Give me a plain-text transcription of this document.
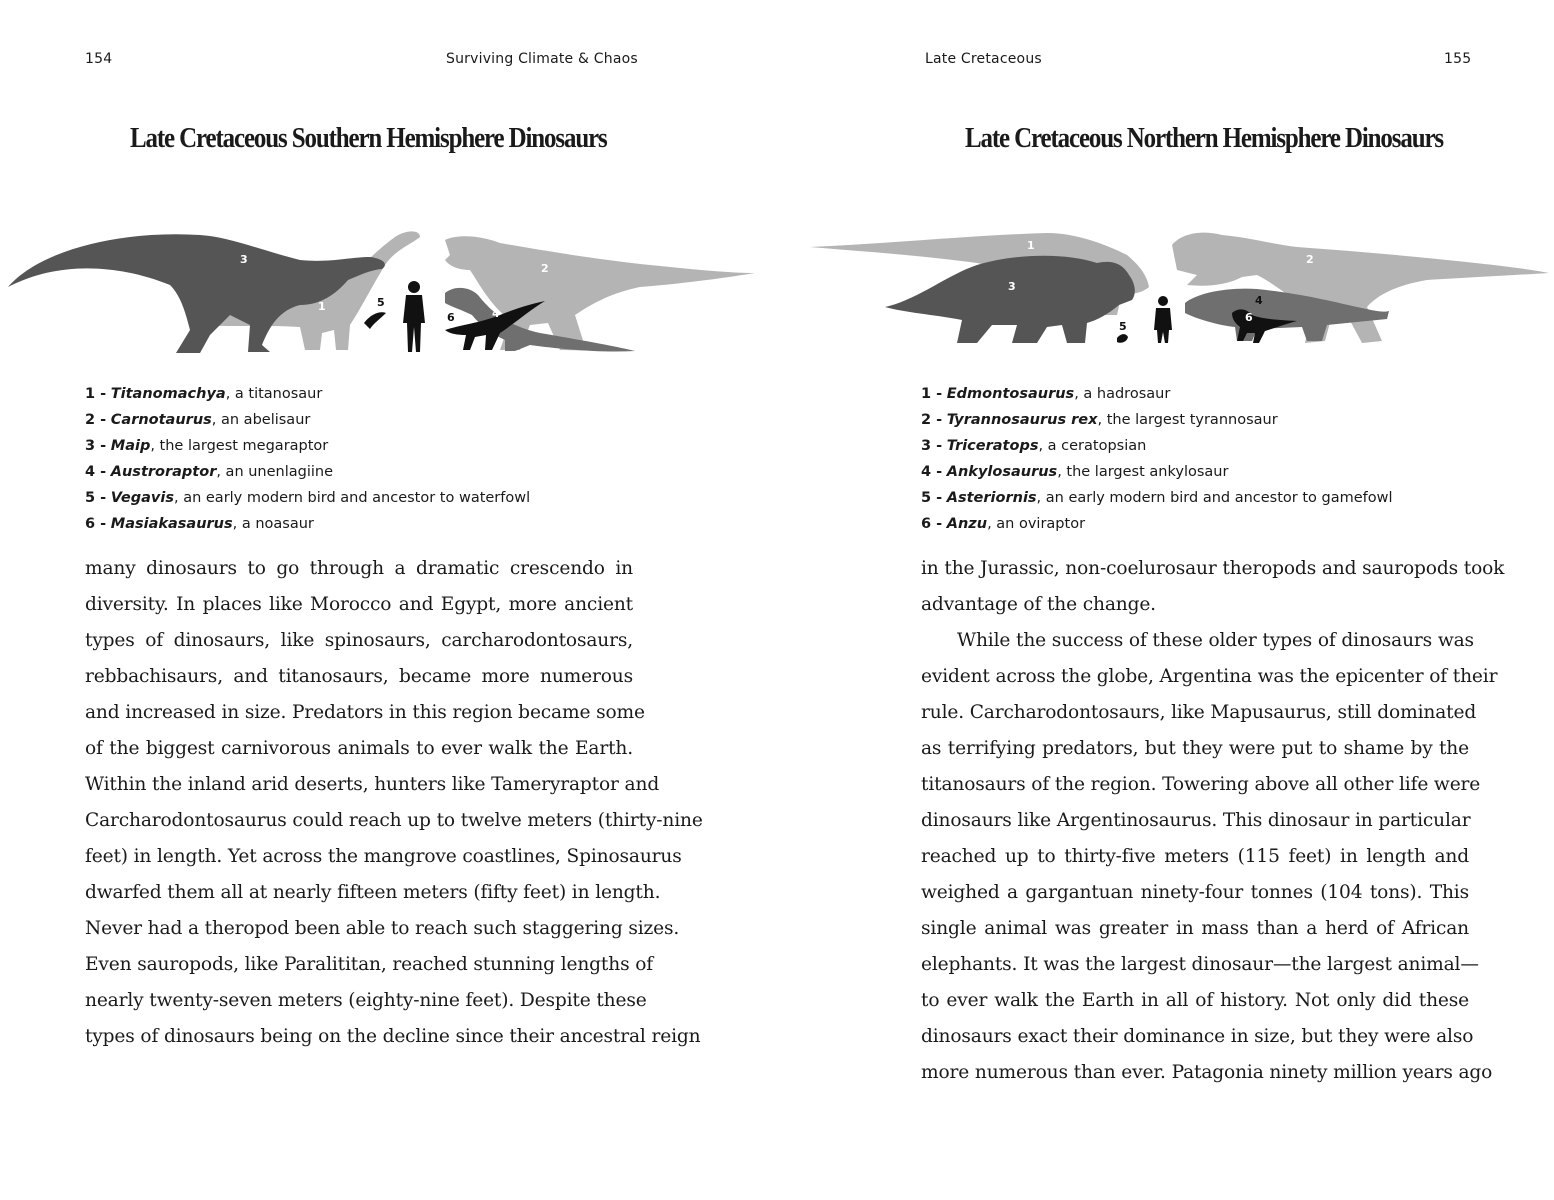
154	Surviving Climate & Chaos
Late Cretaceous Southern Hemisphere Dinosaurs
3
1
2
5
4
6
1 - Titanomachya, a titanosaur
2 - Carnotaurus, an abelisaur
3 - Maip, the largest megaraptor
4 - Austroraptor, an unenlagiine
5 - Vegavis, an early modern bird and ancestor to waterfowl
6 - Masiakasaurus, a noasaur
many dinosaurs to go through a dramatic crescendo in
diversity. In places like Morocco and Egypt, more ancient
types of dinosaurs, like spinosaurs, carcharodontosaurs,
rebbachisaurs, and titanosaurs, became more numerous
and increased in size. Predators in this region became some
of the biggest carnivorous animals to ever walk the Earth.
Within the inland arid deserts, hunters like Tameryraptor and
Carcharodontosaurus could reach up to twelve meters (thirty-nine
feet) in length. Yet across the mangrove coastlines, Spinosaurus
dwarfed them all at nearly fifteen meters (fifty feet) in length.
Never had a theropod been able to reach such staggering sizes.
Even sauropods, like Paralititan, reached stunning lengths of
nearly twenty-seven meters (eighty-nine feet). Despite these
types of dinosaurs being on the decline since their ancestral reign
Late Cretaceous	155
Late Cretaceous Northern Hemisphere Dinosaurs
1
2
3
4
5
6
1 - Edmontosaurus, a hadrosaur
2 - Tyrannosaurus rex, the largest tyrannosaur
3 - Triceratops, a ceratopsian
4 - Ankylosaurus, the largest ankylosaur
5 - Asteriornis, an early modern bird and ancestor to gamefowl
6 - Anzu, an oviraptor
in the Jurassic, non-coelurosaur theropods and sauropods took
advantage of the change.
While the success of these older types of dinosaurs was
evident across the globe, Argentina was the epicenter of their
rule. Carcharodontosaurs, like Mapusaurus, still dominated
as terrifying predators, but they were put to shame by the
titanosaurs of the region. Towering above all other life were
dinosaurs like Argentinosaurus. This dinosaur in particular
reached up to thirty-five meters (115 feet) in length and
weighed a gargantuan ninety-four tonnes (104 tons). This
single animal was greater in mass than a herd of African
elephants. It was the largest dinosaur—the largest animal—
to ever walk the Earth in all of history. Not only did these
dinosaurs exact their dominance in size, but they were also
more numerous than ever. Patagonia ninety million years ago
